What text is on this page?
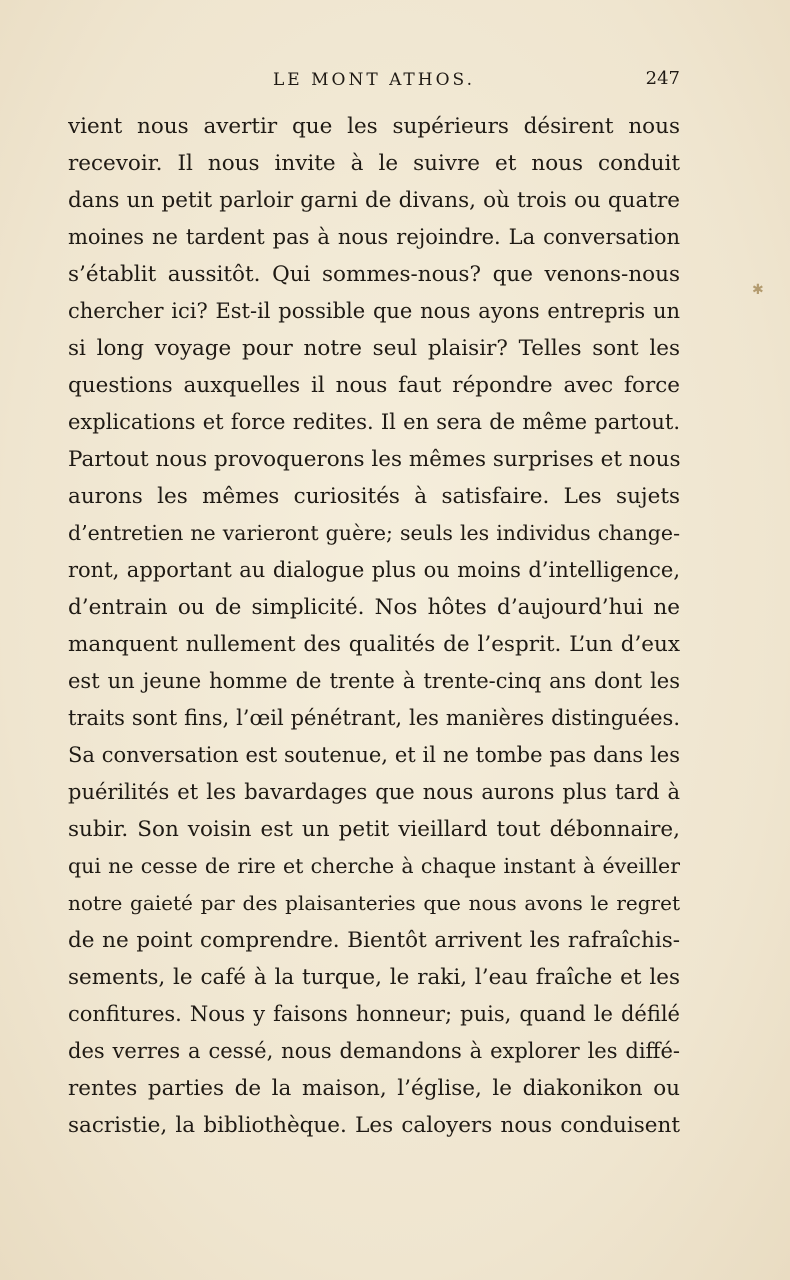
LE MONT ATHOS.	247
vient nous avertir que les supérieurs désirent nous
recevoir. Il nous invite à le suivre et nous conduit
dans un petit parloir garni de divans, où trois ou quatre
moines ne tardent pas à nous rejoindre. La conversation
s’établit aussitôt. Qui sommes-nous? que venons-nous
chercher ici? Est-il possible que nous ayons entrepris un
si long voyage pour notre seul plaisir? Telles sont les
questions auxquelles il nous faut répondre avec force
explications et force redites. Il en sera de même partout.
Partout nous provoquerons les mêmes surprises et nous
aurons les mêmes curiosités à satisfaire. Les sujets
d’entretien ne varieront guère; seuls les individus change-
ront, apportant au dialogue plus ou moins d’intelligence,
d’entrain ou de simplicité. Nos hôtes d’aujourd’hui ne
manquent nullement des qualités de l’esprit. L’un d’eux
est un jeune homme de trente à trente-cinq ans dont les
traits sont fins, l’œil pénétrant, les manières distinguées.
Sa conversation est soutenue, et il ne tombe pas dans les
puérilités et les bavardages que nous aurons plus tard à
subir. Son voisin est un petit vieillard tout débonnaire,
qui ne cesse de rire et cherche à chaque instant à éveiller
notre gaieté par des plaisanteries que nous avons le regret
de ne point comprendre. Bientôt arrivent les rafraîchis-
sements, le café à la turque, le raki, l’eau fraîche et les
confitures. Nous y faisons honneur; puis, quand le défilé
des verres a cessé, nous demandons à explorer les diffé-
rentes parties de la maison, l’église, le diakonikon ou
sacristie, la bibliothèque. Les caloyers nous conduisent
✱
